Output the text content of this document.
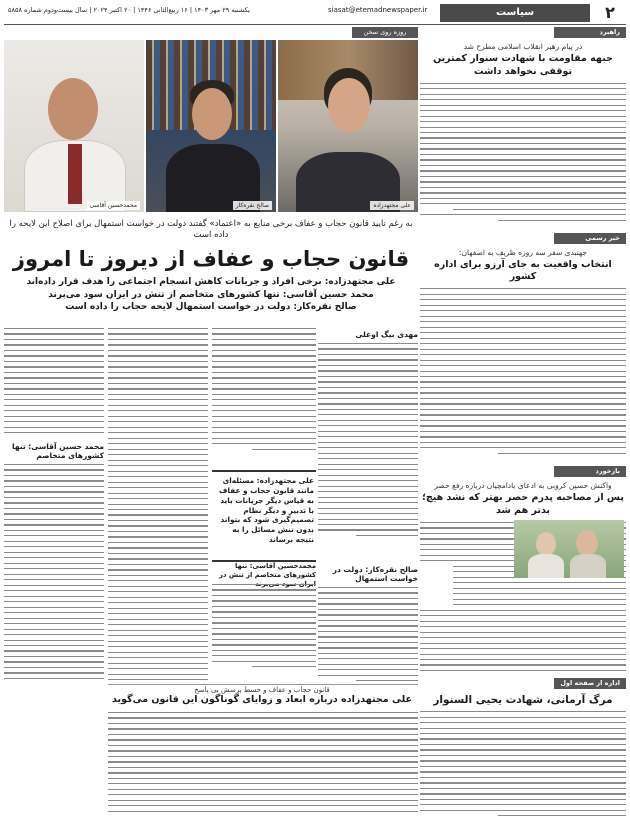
۲
سیاست
siasat@etemadnewspaper.ir
یکشنبه ۲۹ مهر ۱۴۰۳ | ۱۶ ربیع‌الثانی ۱۴۴۶ | ۲۰ اکتبر ۲۰۲۴ | سال بیست‌و‌دوم شماره ۵۸۵۸
راهبرد
در پیام رهبر انقلاب اسلامی مطرح شد
جبهه مقاومت با شهادت سنوار کمترین توقفی نخواهد داشت
خبر رسمی
جهنبدی سفر سه روزه ظریف به اصفهان:
انتخاب واقعیت به جای آرزو برای اداره کشور
بازخورد
واکنش حسین کروبی به ادعای بادامچیان درباره رفع حصر
پس از مصاحبه پدرم حصر بهتر که نشد هیچ؛ بدتر هم شد
اداره از صفحه اول
مرگ آرمانی، شهادت یحیی السنوار
روزه روی سخن
علی مجتهدزاده
صالح نقره‌کار
محمدحسین آقاسی
به رغم تایید قانون حجاب و عفاف برخی منابع به «اعتماد» گفتند دولت در خواست استمهال برای اصلاح این لایحه را داده است
قانون حجاب و عفاف از دیروز تا امروز
علی مجتهدزاده: برخی افراد و جریانات کاهش انسجام اجتماعی را هدف قرار داده‌اند
محمد حسین آقاسی: تنها کشورهای متخاصم از تنش در ایران سود می‌برند
صالح نقره‌کار: دولت در خواست استمهال لایحه حجاب را داده است
مهدی بیگ اوغلی
صالح نقره‌کار: دولت در خواست استمهال
علی مجتهدزاده: مسئله‌ای مانند قانون حجاب و عفاف به قیاس دیگر جریانات باید با تدبیر و دیگر نظام تصمیم‌گیری شود که بتواند بدون تنش مسائل را به نتیجه برساند
محمدحسین آقاسی: تنها کشورهای متخاصم از تنش در
محمد حسین آقاسی: تنها کشورهای متخاصم
قانون حجاب و عفاف و حسط پرسش بی پاسخ
علی مجتهدزاده درباره ابعاد و زوایای گوناگون این قانون می‌گوید
